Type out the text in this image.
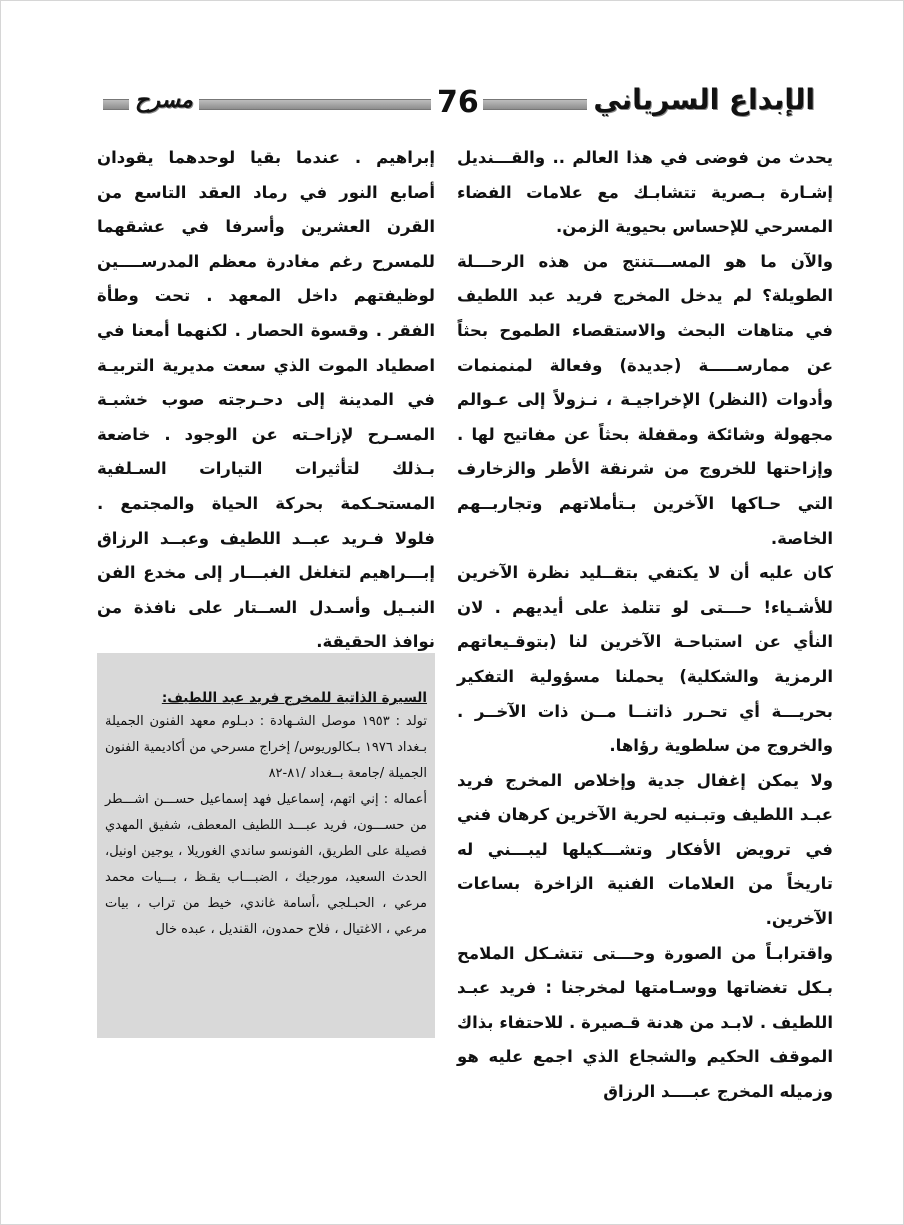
الإبداع السرياني
76
مسرح

يحدث من فوضى في هذا العالم .. والقـــنديل إشـارة بـصرية تتشابـك مع علامات الفضاء المسرحي للإحساس بحيوية الزمن.

والآن ما هو المســـتنتج من هذه الرحـــلة الطويلة؟ لم يدخل المخرج فريد عبد اللطيف في متاهات البحث والاستقصاء الطموح بحثاً عن ممارســـــة (جديدة) وفعالة لمنمنمات وأدوات (النظر) الإخراجيـة ، نـزولاً إلى عـوالم مجهولة وشائكة ومقفلة بحثاً عن مفاتيح لها . وإزاحتها للخروج من شرنقة الأطر والزخارف التي حـاكها الآخرين بـتأملاتهم وتجاربــهم الخاصة.

كان عليه أن لا يكتفي بتقــليد نظرة الآخرين للأشـياء! حـــتى لو تتلمذ على أيديهم . لان النأي عن استباحـة الآخرين لنا (بتوقـيعاتهم الرمزية والشكلية) يحملنا مسؤولية التفكير بحريـــة أي تحـرر ذاتنــا مــن ذات الآخــر . والخروج من سلطوية رؤاها.

ولا يمكن إغفال جدية وإخلاص المخرج فريد عبـد اللطيف وتبـنيه لحرية الآخرين كرهان فني في ترويض الأفكار وتشـــكيلها ليبـــني له تاريخاً من العلامات الفنية الزاخرة بساعات الآخرين.

واقترابـاً من الصورة وحـــتى تتشـكل الملامح بـكل تغضاتها ووسـامتها لمخرجنا : فريد عبـد اللطيف . لابـد من هدنة قـصيرة . للاحتفاء بذاك الموقف الحكيم والشجاع الذي اجمع عليه هو وزميله المخرج عبــــد الرزاق

إبراهيم . عندما بقيا لوحدهما يقودان أصابع النور في رماد العقد التاسع من القرن العشرين وأسرفا في عشقهما للمسرح رغم مغادرة معظم المدرســــين لوظيفتهم داخل المعهد . تحت وطأة الفقر . وقسوة الحصار . لكنهما أمعنا في اصطياد الموت الذي سعت مديرية التربيـة في المدينة إلى دحـرجته صوب خشبـة المسـرح لإزاحـته عن الوجود . خاضعة بـذلك لتأثيرات التيارات السـلفية المستحـكمة بحركة الحياة والمجتمع . فلولا فـريد عبــد اللطيف وعبــد الرزاق إبـــراهيم لتغلغل الغبـــار إلى مخدع الفن النبـيل وأسـدل الســتار على نافذة من نوافذ الحقيقة.

السيرة الذاتية للمخرج فريد عبد اللطيف:

تولد : ١٩٥٣ موصل الشـهادة : دبـلوم معهد الفنون الجميلة بـغداد ١٩٧٦ بـكالوريوس/ إخراج مسرحي من أكاديمية الفنون الجميلة /جامعة بــغداد /٨١-٨٢

أعماله : إني اتهم، إسماعيل فهد إسماعيل حســـن اشـــطر من حســـون، فريد عبـــد اللطيف المعطف، شفيق المهدي فصيلة على الطريق، الفونسو ساندي الغوريلا ، يوجين اونيل، الحدث السعيد، مورجيك ، الضبـــاب يقـظ ، بـــيات محمد مرعي ، الحبـلجي ،أسامة غاندي، خيط من تراب ، بيات مرعي ، الاغتيال ، فلاح حمدون، القنديل ، عبده خال
